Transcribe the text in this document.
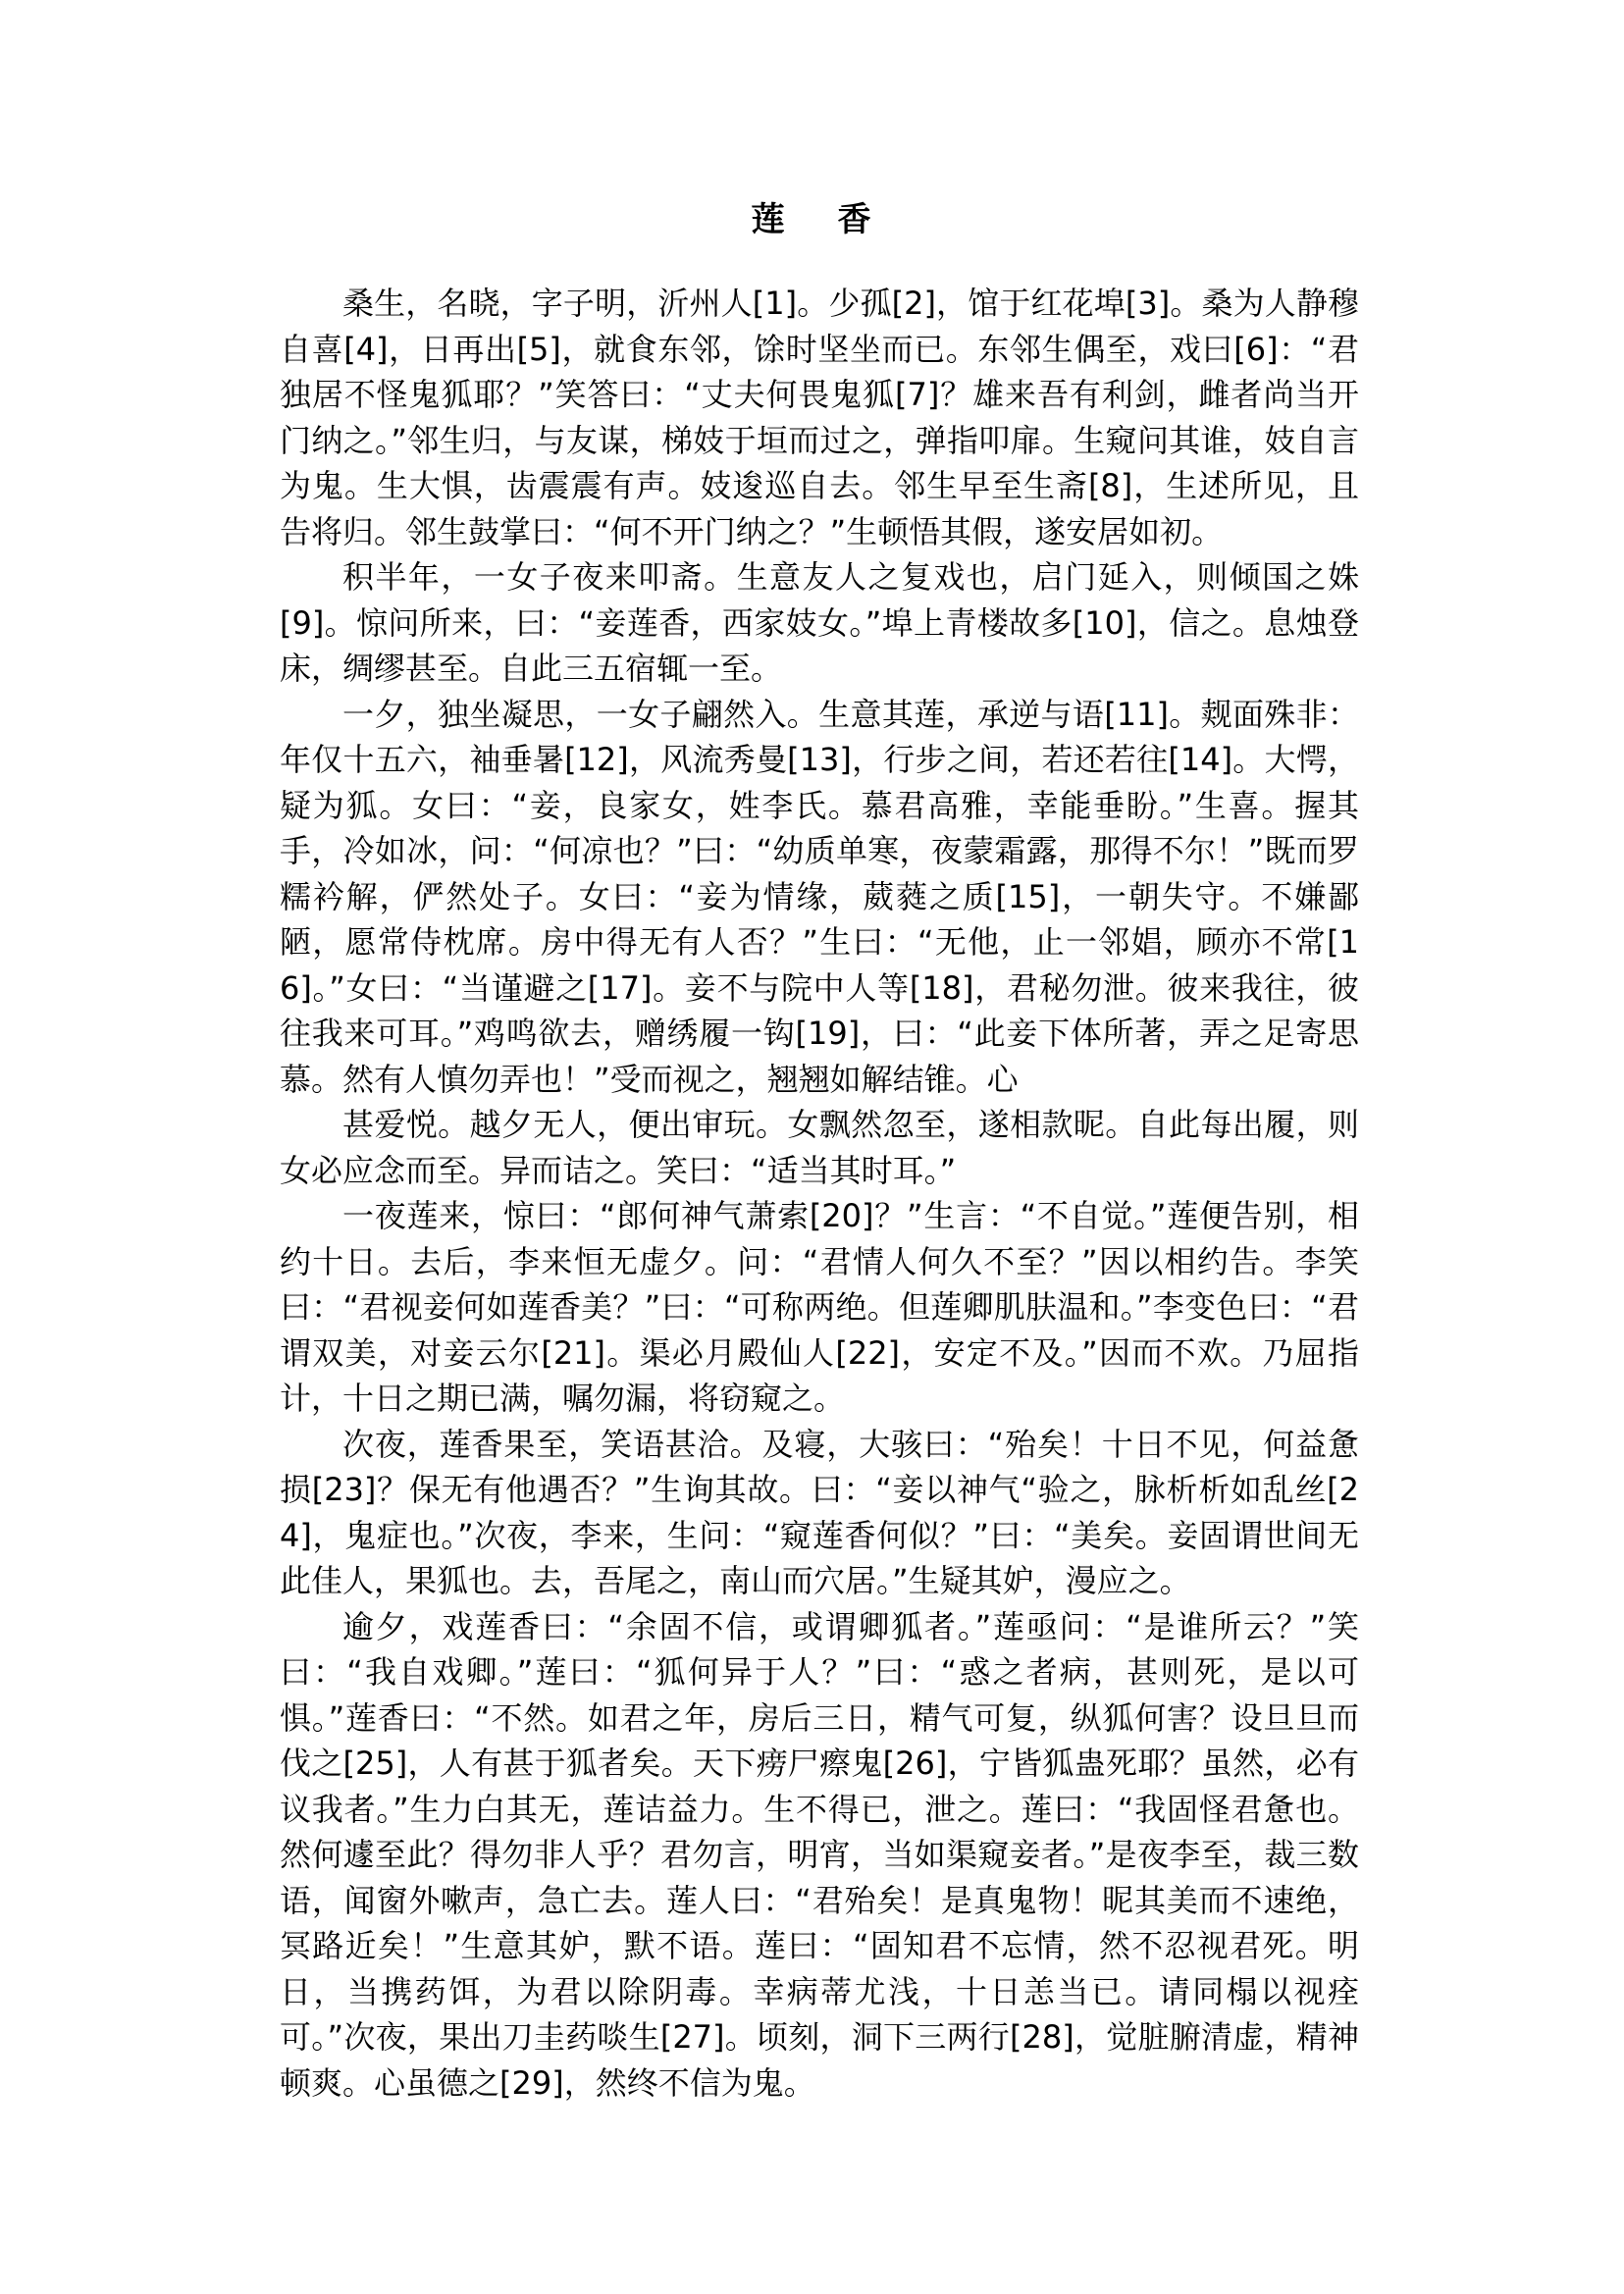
莲 香

桑生，名晓，字子明，沂州人[1]。少孤[2]，馆于红花埠[3]。桑为人静穆自喜[4]，日再出[5]，就食东邻，馀时坚坐而已。东邻生偶至，戏曰[6]：“君独居不怪鬼狐耶？”笑答曰：“丈夫何畏鬼狐[7]？雄来吾有利剑，雌者尚当开门纳之。”邻生归，与友谋，梯妓于垣而过之，弹指叩扉。生窥问其谁，妓自言为鬼。生大惧，齿震震有声。妓逡巡自去。邻生早至生斋[8]，生述所见，且告将归。邻生鼓掌曰：“何不开门纳之？”生顿悟其假，遂安居如初。

积半年，一女子夜来叩斋。生意友人之复戏也，启门延入，则倾国之姝[9]。惊问所来，曰：“妾莲香，西家妓女。”埠上青楼故多[10]，信之。息烛登床，绸缪甚至。自此三五宿辄一至。

一夕，独坐凝思，一女子翩然入。生意其莲，承逆与语[11]。觌面殊非：年仅十五六，袖垂暑[12]，风流秀曼[13]，行步之间，若还若往[14]。大愕，疑为狐。女曰：“妾，良家女，姓李氏。慕君高雅，幸能垂盼。”生喜。握其手，冷如冰，问：“何凉也？”曰：“幼质单寒，夜蒙霜露，那得不尔！”既而罗糯衿解，俨然处子。女曰：“妾为情缘，葳蕤之质[15]，一朝失守。不嫌鄙陋，愿常侍枕席。房中得无有人否？”生曰：“无他，止一邻娼，顾亦不常[16]。”女曰：“当谨避之[17]。妾不与院中人等[18]，君秘勿泄。彼来我往，彼往我来可耳。”鸡鸣欲去，赠绣履一钩[19]，曰：“此妾下体所著，弄之足寄思慕。然有人慎勿弄也！”受而视之，翘翘如解结锥。心

甚爱悦。越夕无人，便出审玩。女飘然忽至，遂相款昵。自此每出履，则女必应念而至。异而诘之。笑曰：“适当其时耳。”

一夜莲来，惊曰：“郎何神气萧索[20]？”生言：“不自觉。”莲便告别，相约十日。去后，李来恒无虚夕。问：“君情人何久不至？”因以相约告。李笑曰：“君视妾何如莲香美？”曰：“可称两绝。但莲卿肌肤温和。”李变色曰：“君谓双美，对妾云尔[21]。渠必月殿仙人[22]，安定不及。”因而不欢。乃屈指计，十日之期已满，嘱勿漏，将窃窥之。

次夜，莲香果至，笑语甚洽。及寝，大骇曰：“殆矣！十日不见，何益惫损[23]？保无有他遇否？”生询其故。曰：“妾以神气“验之，脉析析如乱丝[24]，鬼症也。”次夜，李来，生问：“窥莲香何似？”曰：“美矣。妾固谓世间无此佳人，果狐也。去，吾尾之，南山而穴居。”生疑其妒，漫应之。

逾夕，戏莲香曰：“余固不信，或谓卿狐者。”莲亟问：“是谁所云？”笑曰：“我自戏卿。”莲曰：“狐何异于人？”曰：“惑之者病，甚则死，是以可惧。”莲香曰：“不然。如君之年，房后三日，精气可复，纵狐何害？设旦旦而伐之[25]，人有甚于狐者矣。天下痨尸瘵鬼[26]，宁皆狐蛊死耶？虽然，必有议我者。”生力白其无，莲诘益力。生不得已，泄之。莲曰：“我固怪君惫也。然何遽至此？得勿非人乎？君勿言，明宵，当如渠窥妾者。”是夜李至，裁三数语，闻窗外嗽声，急亡去。莲人曰：“君殆矣！是真鬼物！昵其美而不速绝，冥路近矣！”生意其妒，默不语。莲曰：“固知君不忘情，然不忍视君死。明日，当携药饵，为君以除阴毒。幸病蒂尤浅，十日恙当已。请同榻以视痊可。”次夜，果出刀圭药啖生[27]。顷刻，洞下三两行[28]，觉脏腑清虚，精神顿爽。心虽德之[29]，然终不信为鬼。
